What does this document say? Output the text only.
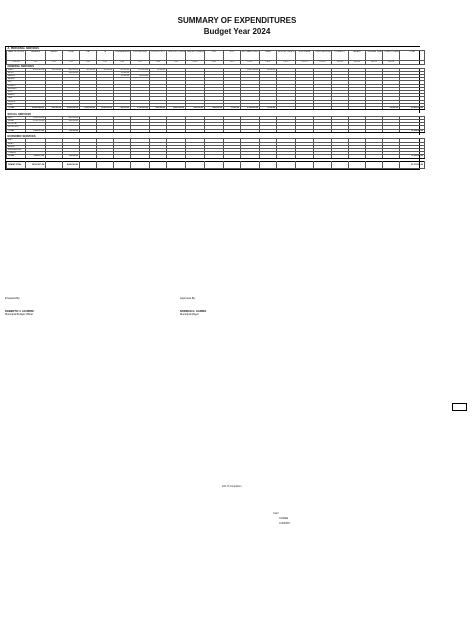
SUMMARY OF EXPENDITURES
Budget Year 2024
A. PERSONAL SERVICES																						
NAME OF OFFICE	SALARIES	WAGES	PERA	RA	TA	Clothing Allowance	Cash Gift Bonus	PRODUCTIVITY	LIFE & RET INSURA	PAG-IBIG PREMIUMS	PHIC	ECIP	MID YEAR BONUS	LEAVE	MEDICAL CARE &	HONORARIA	OVERTIME/NIGHT	LONGEVITY	HAZARD	TERMINAL LEAVE	OTHER PS BENE	TOTAL
OFFICE	PS1	PS2	PS3	PS4	PS5	PS6	PS7	PS8	PS9	PS10	PS11	PS12	PS13	PS14	PS15	PS15-1	PS15-2	PS15-3	PS15-4	PS15-5	PS15-6	
GENERAL SERVICES																						
SBMO	8,963,016.00	165,360.00	360,000.00	90,000.00	90,000.00	90,000.00	651,243.00	75,000.00					1,082,504.00	74,000.00								
MPDO			144,000.00			14,000.00																
MBPDO						12,000.00	60,000.00															
MENRO																						
MLC																						
MSWDO																						
MDRRMO																						
MTO																						
MASSO																						
OAR																						
SENIOR																						
ORG																						
TOTAL	22,455,464.00	165,360.00	2,856,000.00	1,056,000.00	1,056,000.00	714,000.00	2,135,916.00	595,000.00	2,800,000.00	595,000.00	564,520.00	72,000.00	2,135,916.00	71,000.00							33,000.00	33,485,508.00

SOCIAL SERVICES																						
MHO	2,058,500.00		360,000.00																			
MSWD	3,556,740.00		240,000.00																			
POPCOM																						
NUTRITION																						
TOTAL	7,043,072.00		720,000.00																			12,388,965.00

ECONOMIC SERVICES																						
MAO																						
MEEO																						
MENRO																						
ENGINEERING																						
OTHERS																						
TOTAL	7,043,072.00		720,000.00																			12,388,965.00

GRAND TOTAL	34,561,471.00		4,656,000.00																			61,101,856.00
Prepared By:
ROBERTO U. AGUIRRE
Municipal Budget Officer
Approved By:
NORMAN G. GARINO
Municipal Mayor
224.70 completion
Color
GOWEE
CUMORO
